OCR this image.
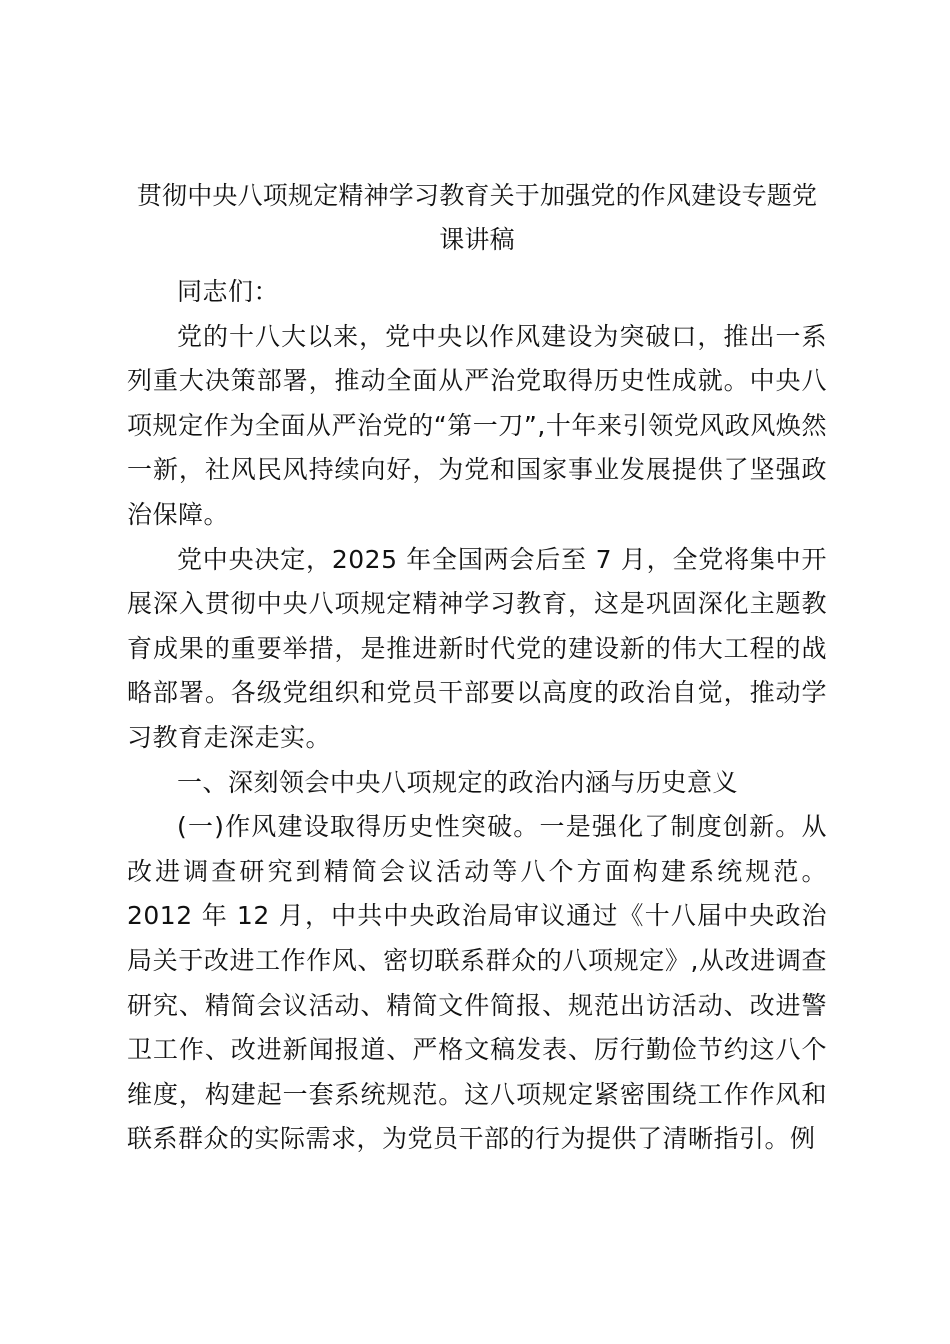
贯彻中央八项规定精神学习教育关于加强党的作风建设专题党课讲稿

同志们：

党的十八大以来，党中央以作风建设为突破口，推出一系列重大决策部署，推动全面从严治党取得历史性成就。中央八项规定作为全面从严治党的“第一刀”,十年来引领党风政风焕然一新，社风民风持续向好，为党和国家事业发展提供了坚强政治保障。

党中央决定，2025 年全国两会后至 7 月，全党将集中开展深入贯彻中央八项规定精神学习教育，这是巩固深化主题教育成果的重要举措，是推进新时代党的建设新的伟大工程的战略部署。各级党组织和党员干部要以高度的政治自觉，推动学习教育走深走实。

一、深刻领会中央八项规定的政治内涵与历史意义

(一)作风建设取得历史性突破。一是强化了制度创新。从改进调查研究到精简会议活动等八个方面构建系统规范。2012 年 12 月，中共中央政治局审议通过《十八届中央政治局关于改进工作作风、密切联系群众的八项规定》,从改进调查研究、精简会议活动、精简文件简报、规范出访活动、改进警卫工作、改进新闻报道、严格文稿发表、厉行勤俭节约这八个维度，构建起一套系统规范。这八项规定紧密围绕工作作风和联系群众的实际需求，为党员干部的行为提供了清晰指引。例
